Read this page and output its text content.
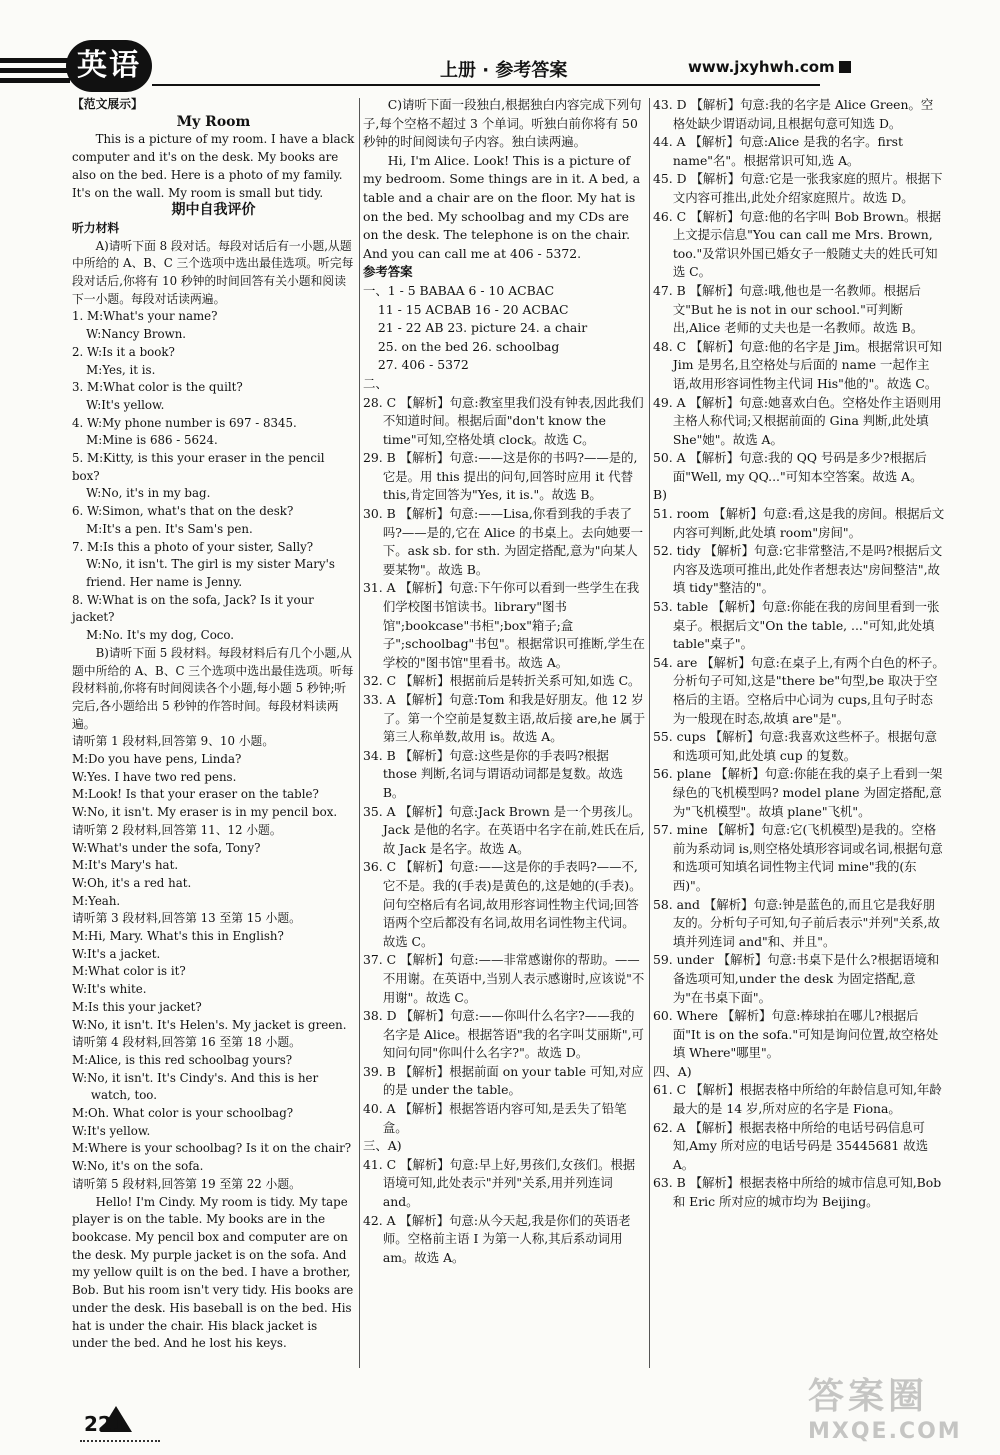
英语	上册 · 参考答案	www.jxyhwh.com

【范文展示】

My Room

This is a picture of my room. I have a black computer and it's on the desk. My books are also on the bed. Here is a photo of my family. It's on the wall. My room is small but tidy.

期中自我评价

听力材料

A)请听下面 8 段对话。每段对话后有一小题,从题中所给的 A、B、C 三个选项中选出最佳选项。听完每段对话后,你将有 10 秒钟的时间回答有关小题和阅读下一小题。每段对话读两遍。

1. M:What's your name?

W:Nancy Brown.

2. W:Is it a book?

M:Yes, it is.

3. M:What color is the quilt?

W:It's yellow.

4. W:My phone number is 697 - 8345.

M:Mine is 686 - 5624.

5. M:Kitty, is this your eraser in the pencil box?

W:No, it's in my bag.

6. W:Simon, what's that on the desk?

M:It's a pen. It's Sam's pen.

7. M:Is this a photo of your sister, Sally?

W:No, it isn't. The girl is my sister Mary's friend. Her name is Jenny.

8. W:What is on the sofa, Jack? Is it your jacket?

M:No. It's my dog, Coco.

B)请听下面 5 段材料。每段材料后有几个小题,从题中所给的 A、B、C 三个选项中选出最佳选项。听每段材料前,你将有时间阅读各个小题,每小题 5 秒钟;听完后,各小题给出 5 秒钟的作答时间。每段材料读两遍。

请听第 1 段材料,回答第 9、10 小题。

M:Do you have pens, Linda?

W:Yes. I have two red pens.

M:Look! Is that your eraser on the table?

W:No, it isn't. My eraser is in my pencil box.

请听第 2 段材料,回答第 11、12 小题。

W:What's under the sofa, Tony?

M:It's Mary's hat.

W:Oh, it's a red hat.

M:Yeah.

请听第 3 段材料,回答第 13 至第 15 小题。

M:Hi, Mary. What's this in English?

W:It's a jacket.

M:What color is it?

W:It's white.

M:Is this your jacket?

W:No, it isn't. It's Helen's. My jacket is green.

请听第 4 段材料,回答第 16 至第 18 小题。

M:Alice, is this red schoolbag yours?

W:No, it isn't. It's Cindy's. And this is her watch, too.

M:Oh. What color is your schoolbag?

W:It's yellow.

M:Where is your schoolbag? Is it on the chair?

W:No, it's on the sofa.

请听第 5 段材料,回答第 19 至第 22 小题。

Hello! I'm Cindy. My room is tidy. My tape player is on the table. My books are in the bookcase. My pencil box and computer are on the desk. My purple jacket is on the sofa. And my yellow quilt is on the bed. I have a brother, Bob. But his room isn't very tidy. His books are under the desk. His baseball is on the bed. His hat is under the chair. His black jacket is under the bed. And he lost his keys.

C)请听下面一段独白,根据独白内容完成下列句子,每个空格不超过 3 个单词。听独白前你将有 50 秒钟的时间阅读句子内容。独白读两遍。

Hi, I'm Alice. Look! This is a picture of my bedroom. Some things are in it. A bed, a table and a chair are on the floor. My hat is on the bed. My schoolbag and my CDs are on the desk. The telephone is on the chair. And you can call me at 406 - 5372.

参考答案

一、1 - 5 BABAA 6 - 10 ACBAC

11 - 15 ACBAB 16 - 20 ACBAC

21 - 22 AB 23. picture 24. a chair

25. on the bed 26. schoolbag

27. 406 - 5372

二、

28. C 【解析】句意:教室里我们没有钟表,因此我们不知道时间。根据后面"don't know the time"可知,空格处填 clock。故选 C。

29. B 【解析】句意:——这是你的书吗?——是的,它是。用 this 提出的问句,回答时应用 it 代替 this,肯定回答为"Yes, it is."。故选 B。

30. B 【解析】句意:——Lisa,你看到我的手表了吗?——是的,它在 Alice 的书桌上。去向她要一下。ask sb. for sth. 为固定搭配,意为"向某人要某物"。故选 B。

31. A 【解析】句意:下午你可以看到一些学生在我们学校图书馆读书。library"图书馆";bookcase"书柜";box"箱子;盒子";schoolbag"书包"。根据常识可推断,学生在学校的"图书馆"里看书。故选 A。

32. C 【解析】根据前后是转折关系可知,如选 C。

33. A 【解析】句意:Tom 和我是好朋友。他 12 岁了。第一个空前是复数主语,故后接 are,he 属于第三人称单数,故用 is。故选 A。

34. B 【解析】句意:这些是你的手表吗?根据 those 判断,名词与谓语动词都是复数。故选 B。

35. A 【解析】句意:Jack Brown 是一个男孩儿。Jack 是他的名字。在英语中名字在前,姓氏在后,故 Jack 是名字。故选 A。

36. C 【解析】句意:——这是你的手表吗?——不,它不是。我的(手表)是黄色的,这是她的(手表)。问句空格后有名词,故用形容词性物主代词;回答语两个空后都没有名词,故用名词性物主代词。故选 C。

37. C 【解析】句意:——非常感谢你的帮助。——不用谢。在英语中,当别人表示感谢时,应该说"不用谢"。故选 C。

38. D 【解析】句意:——你叫什么名字?——我的名字是 Alice。根据答语"我的名字叫艾丽斯",可知问句同"你叫什么名字?"。故选 D。

39. B 【解析】根据前面 on your table 可知,对应的是 under the table。

40. A 【解析】根据答语内容可知,是丢失了铅笔盒。

三、A)

41. C 【解析】句意:早上好,男孩们,女孩们。根据语境可知,此处表示"并列"关系,用并列连词 and。

42. A 【解析】句意:从今天起,我是你们的英语老师。空格前主语 I 为第一人称,其后系动词用 am。故选 A。

43. D 【解析】句意:我的名字是 Alice Green。空格处缺少谓语动词,且根据句意可知选 D。

44. A 【解析】句意:Alice 是我的名字。first name"名"。根据常识可知,选 A。

45. D 【解析】句意:它是一张我家庭的照片。根据下文内容可推出,此处介绍家庭照片。故选 D。

46. C 【解析】句意:他的名字叫 Bob Brown。根据上文提示信息"You can call me Mrs. Brown, too."及常识外国已婚女子一般随丈夫的姓氏可知选 C。

47. B 【解析】句意:哦,他也是一名教师。根据后文"But he is not in our school."可判断出,Alice 老师的丈夫也是一名教师。故选 B。

48. C 【解析】句意:他的名字是 Jim。根据常识可知 Jim 是男名,且空格处与后面的 name 一起作主语,故用形容词性物主代词 His"他的"。故选 C。

49. A 【解析】句意:她喜欢白色。空格处作主语则用主格人称代词;又根据前面的 Gina 判断,此处填 She"她"。故选 A。

50. A 【解析】句意:我的 QQ 号码是多少?根据后面"Well, my QQ..."可知本空答案。故选 A。

B)

51. room 【解析】句意:看,这是我的房间。根据后文内容可判断,此处填 room"房间"。

52. tidy 【解析】句意:它非常整洁,不是吗?根据后文内容及选项可推出,此处作者想表达"房间整洁",故填 tidy"整洁的"。

53. table 【解析】句意:你能在我的房间里看到一张桌子。根据后文"On the table, ..."可知,此处填 table"桌子"。

54. are 【解析】句意:在桌子上,有两个白色的杯子。分析句子可知,这是"there be"句型,be 取决于空格后的主语。空格后中心词为 cups,且句子时态为一般现在时态,故填 are"是"。

55. cups 【解析】句意:我喜欢这些杯子。根据句意和选项可知,此处填 cup 的复数。

56. plane 【解析】句意:你能在我的桌子上看到一架绿色的飞机模型吗? model plane 为固定搭配,意为"飞机模型"。故填 plane"飞机"。

57. mine 【解析】句意:它(飞机模型)是我的。空格前为系动词 is,则空格处填形容词或名词,根据句意和选项可知填名词性物主代词 mine"我的(东西)"。

58. and 【解析】句意:钟是蓝色的,而且它是我好朋友的。分析句子可知,句子前后表示"并列"关系,故填并列连词 and"和、并且"。

59. under 【解析】句意:书桌下是什么?根据语境和备选项可知,under the desk 为固定搭配,意为"在书桌下面"。

60. Where 【解析】句意:棒球拍在哪儿?根据后面"It is on the sofa."可知是询问位置,故空格处填 Where"哪里"。

四、A)

61. C 【解析】根据表格中所给的年龄信息可知,年龄最大的是 14 岁,所对应的名字是 Fiona。

62. A 【解析】根据表格中所给的电话号码信息可知,Amy 所对应的电话号码是 35445681 故选 A。

63. B 【解析】根据表格中所给的城市信息可知,Bob 和 Eric 所对应的城市均为 Beijing。

221
答案圈
MXQE.COM
